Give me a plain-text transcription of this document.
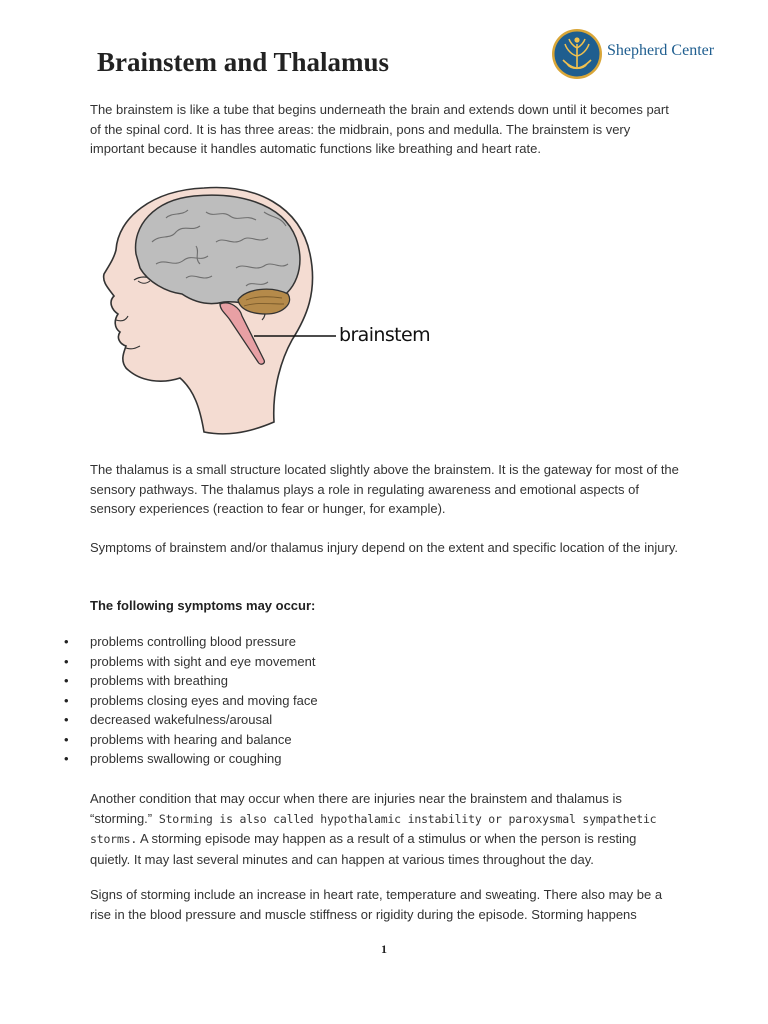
Brainstem and Thalamus	Shepherd Center

The brainstem is like a tube that begins underneath the brain and extends down until it becomes part of the spinal cord. It is has three areas: the midbrain, pons and medulla. The brainstem is very important because it handles automatic functions like breathing and heart rate.

brainstem

The thalamus is a small structure located slightly above the brainstem. It is the gateway for most of the sensory pathways. The thalamus plays a role in regulating awareness and emotional aspects of sensory experiences (reaction to fear or hunger, for example).

Symptoms of brainstem and/or thalamus injury depend on the extent and specific location of the injury.

The following symptoms may occur:

•	problems controlling blood pressure
•	problems with sight and eye movement
•	problems with breathing
•	problems closing eyes and moving face
•	decreased wakefulness/arousal
•	problems with hearing and balance
•	problems swallowing or coughing

Another condition that may occur when there are injuries near the brainstem and thalamus is “storming.” Storming is also called hypothalamic instability or paroxysmal sympathetic storms. A storming episode may happen as a result of a stimulus or when the person is resting quietly. It may last several minutes and can happen at various times throughout the day.

Signs of storming include an increase in heart rate, temperature and sweating. There also may be a rise in the blood pressure and muscle stiffness or rigidity during the episode. Storming happens

1
